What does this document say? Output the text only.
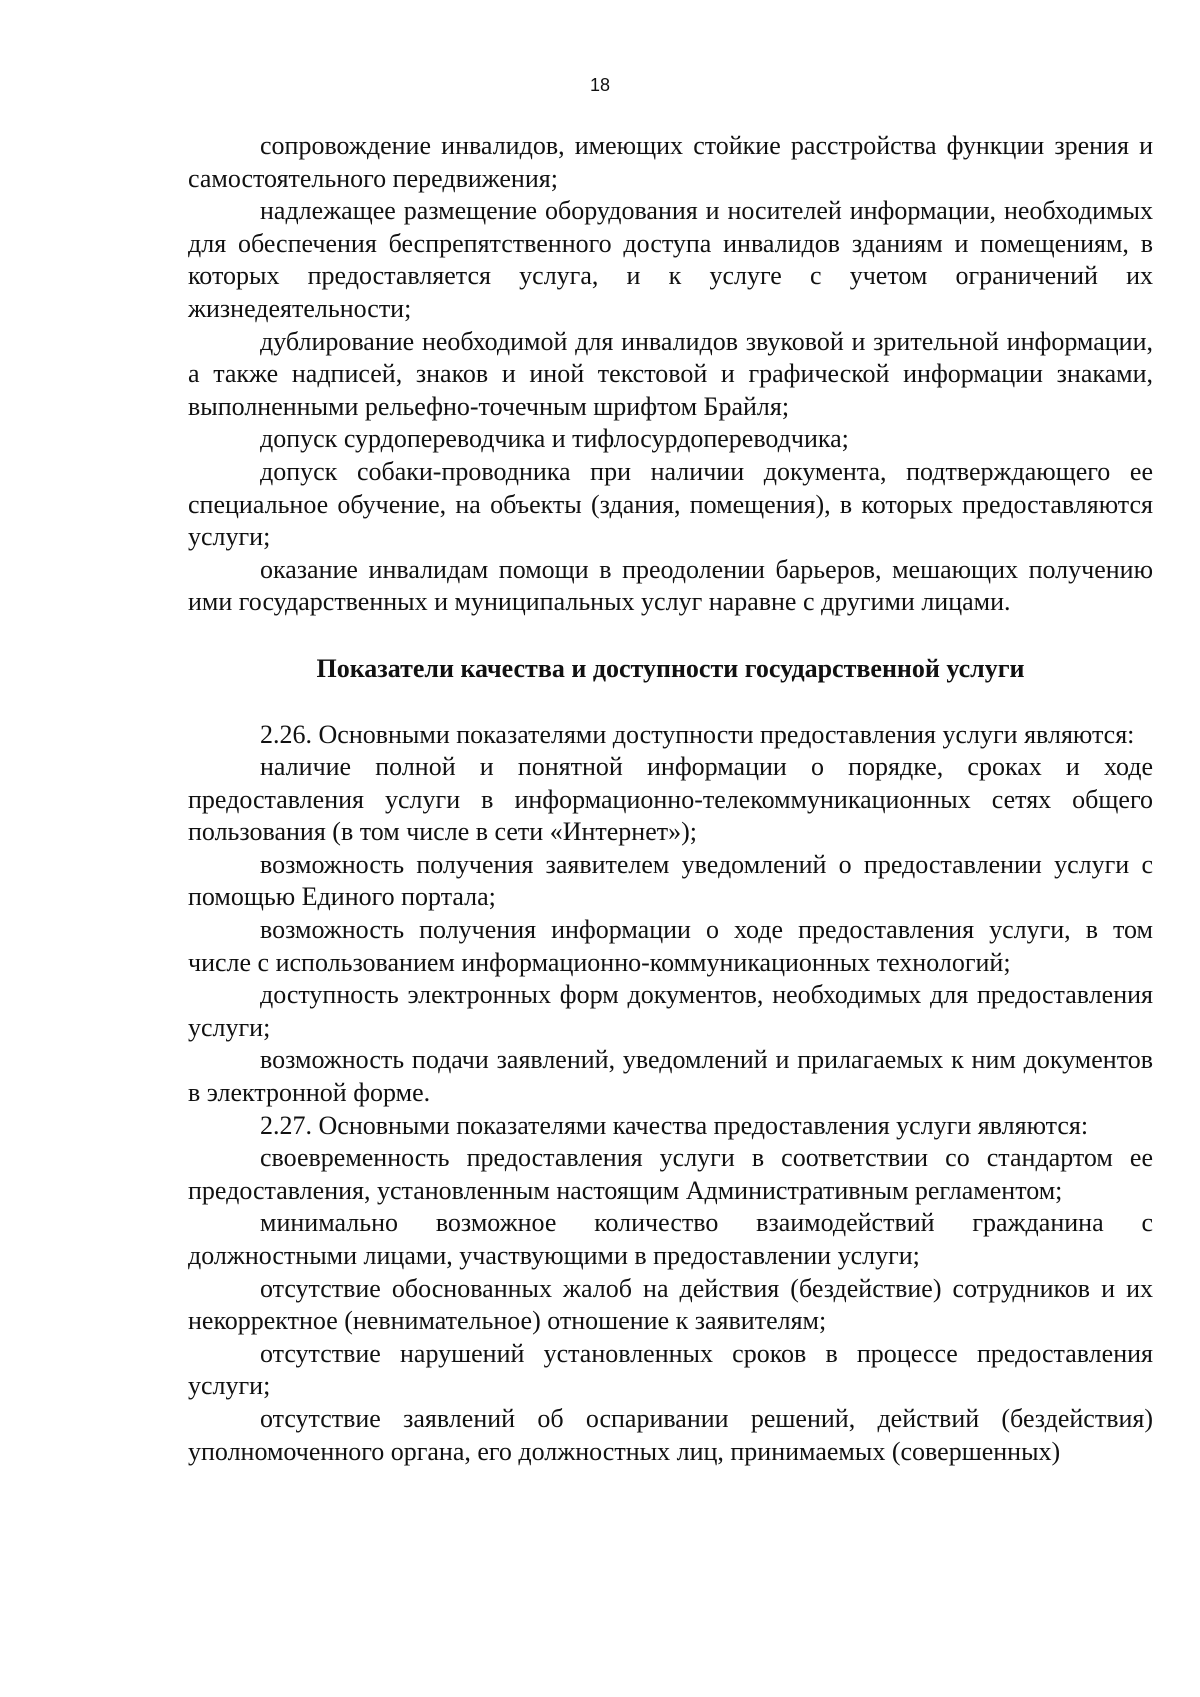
18

сопровождение инвалидов, имеющих стойкие расстройства функции зрения и самостоятельного передвижения;

надлежащее размещение оборудования и носителей информации, необходимых для обеспечения беспрепятственного доступа инвалидов зданиям и помещениям, в которых предоставляется услуга, и к услуге с учетом ограничений их жизнедеятельности;

дублирование необходимой для инвалидов звуковой и зрительной информации, а также надписей, знаков и иной текстовой и графической информации знаками, выполненными рельефно-точечным шрифтом Брайля;

допуск сурдопереводчика и тифлосурдопереводчика;

допуск собаки-проводника при наличии документа, подтверждающего ее специальное обучение, на объекты (здания, помещения), в которых предоставляются услуги;

оказание инвалидам помощи в преодолении барьеров, мешающих получению ими государственных и муниципальных услуг наравне с другими лицами.

Показатели качества и доступности государственной услуги

2.26. Основными показателями доступности предоставления услуги являются:

наличие полной и понятной информации о порядке, сроках и ходе предоставления услуги в информационно-телекоммуникационных сетях общего пользования (в том числе в сети «Интернет»);

возможность получения заявителем уведомлений о предоставлении услуги с помощью Единого портала;

возможность получения информации о ходе предоставления услуги, в том числе с использованием информационно-коммуникационных технологий;

доступность электронных форм документов, необходимых для предоставления услуги;

возможность подачи заявлений, уведомлений и прилагаемых к ним документов в электронной форме.

2.27. Основными показателями качества предоставления услуги являются:

своевременность предоставления услуги в соответствии со стандартом ее предоставления, установленным настоящим Административным регламентом;

минимально возможное количество взаимодействий гражданина с должностными лицами, участвующими в предоставлении услуги;

отсутствие обоснованных жалоб на действия (бездействие) сотрудников и их некорректное (невнимательное) отношение к заявителям;

отсутствие нарушений установленных сроков в процессе предоставления услуги;

отсутствие заявлений об оспаривании решений, действий (бездействия) уполномоченного органа, его должностных лиц, принимаемых (совершенных)
